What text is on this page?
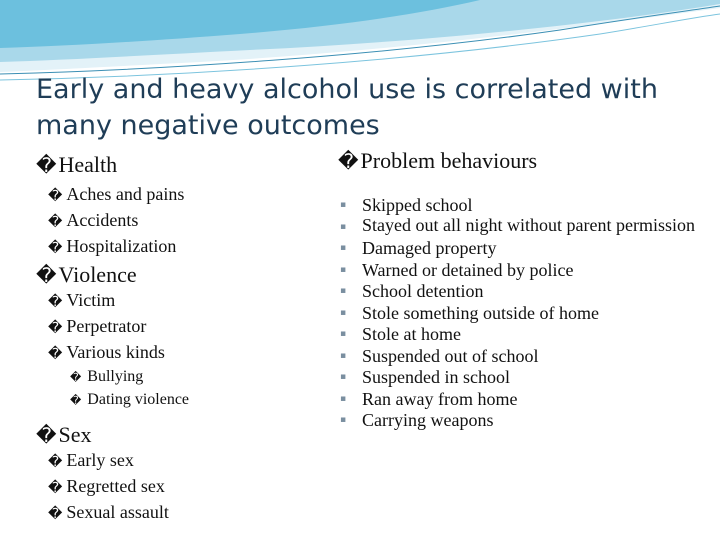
Early and heavy alcohol use is correlated with
many negative outcomes
� Health
� Aches and pains
� Accidents
� Hospitalization
� Violence
� Victim
� Perpetrator
� Various kinds
� Bullying
� Dating violence
� Sex
� Early sex
� Regretted sex
� Sexual assault
� Problem behaviours
▪ Skipped school
▪ Stayed out all night without parent permission
▪ Damaged property
▪ Warned or detained by police
▪ School detention
▪ Stole something outside of home
▪ Stole at home
▪ Suspended out of school
▪ Suspended in school
▪ Ran away from home
▪ Carrying weapons
